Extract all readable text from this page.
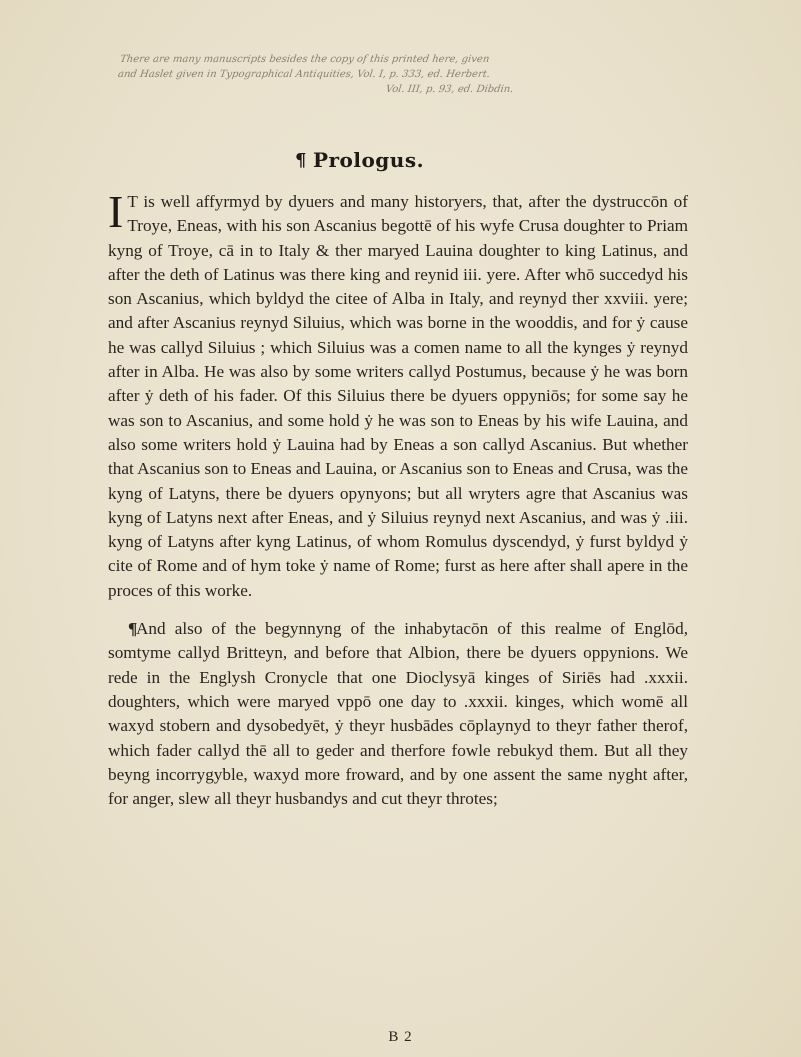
There are many manuscripts besides the copy of this printed here, given
and Haslet given in Typographical Antiquities, Vol. I, p. 333, ed. Herbert.
Vol. III, p. 93, ed. Dibdin.
¶ Prologus.

I T is well affyrmyd by dyuers and many historyers, that, after the dystruccōn of Troye, Eneas, with his son Ascanius begottē of his wyfe Crusa doughter to Priam kyng of Troye, cā in to Italy & ther maryed Lauina doughter to king Latinus, and after the deth of Latinus was there king and reynid iii. yere. After whō succedyd his son Ascanius, which byldyd the citee of Alba in Italy, and reynyd ther xxviii. yere; and after Ascanius reynyd Siluius, which was borne in the wooddis, and for ẏ cause he was callyd Siluius ; which Siluius was a comen name to all the kynges ẏ reynyd after in Alba. He was also by some writers callyd Postumus, because ẏ he was born after ẏ deth of his fader. Of this Siluius there be dyuers oppyniōs; for some say he was son to Ascanius, and some hold ẏ he was son to Eneas by his wife Lauina, and also some writers hold ẏ Lauina had by Eneas a son callyd Ascanius. But whether that Ascanius son to Eneas and Lauina, or Ascanius son to Eneas and Crusa, was the kyng of Latyns, there be dyuers opynyons; but all wryters agre that Ascanius was kyng of Latyns next after Eneas, and ẏ Siluius reynyd next Ascanius, and was ẏ .iii. kyng of Latyns after kyng Latinus, of whom Romulus dyscendyd, ẏ furst byldyd ẏ cite of Rome and of hym toke ẏ name of Rome; furst as here after shall apere in the proces of this worke.

¶And also of the begynnyng of the inhabytacōn of this realme of Englōd, somtyme callyd Britteyn, and before that Albion, there be dyuers oppynions. We rede in the Englysh Cronycle that one Dioclysyā kinges of Siriēs had .xxxii. doughters, which were maryed vppō one day to .xxxii. kinges, which womē all waxyd stobern and dysobedyēt, ẏ theyr husbādes cōplaynyd to theyr father therof, which fader callyd thē all to geder and therfore fowle rebukyd them. But all they beyng incorrygyble, waxyd more froward, and by one assent the same nyght after, for anger, slew all theyr husbandys and cut theyr throtes;

B 2
